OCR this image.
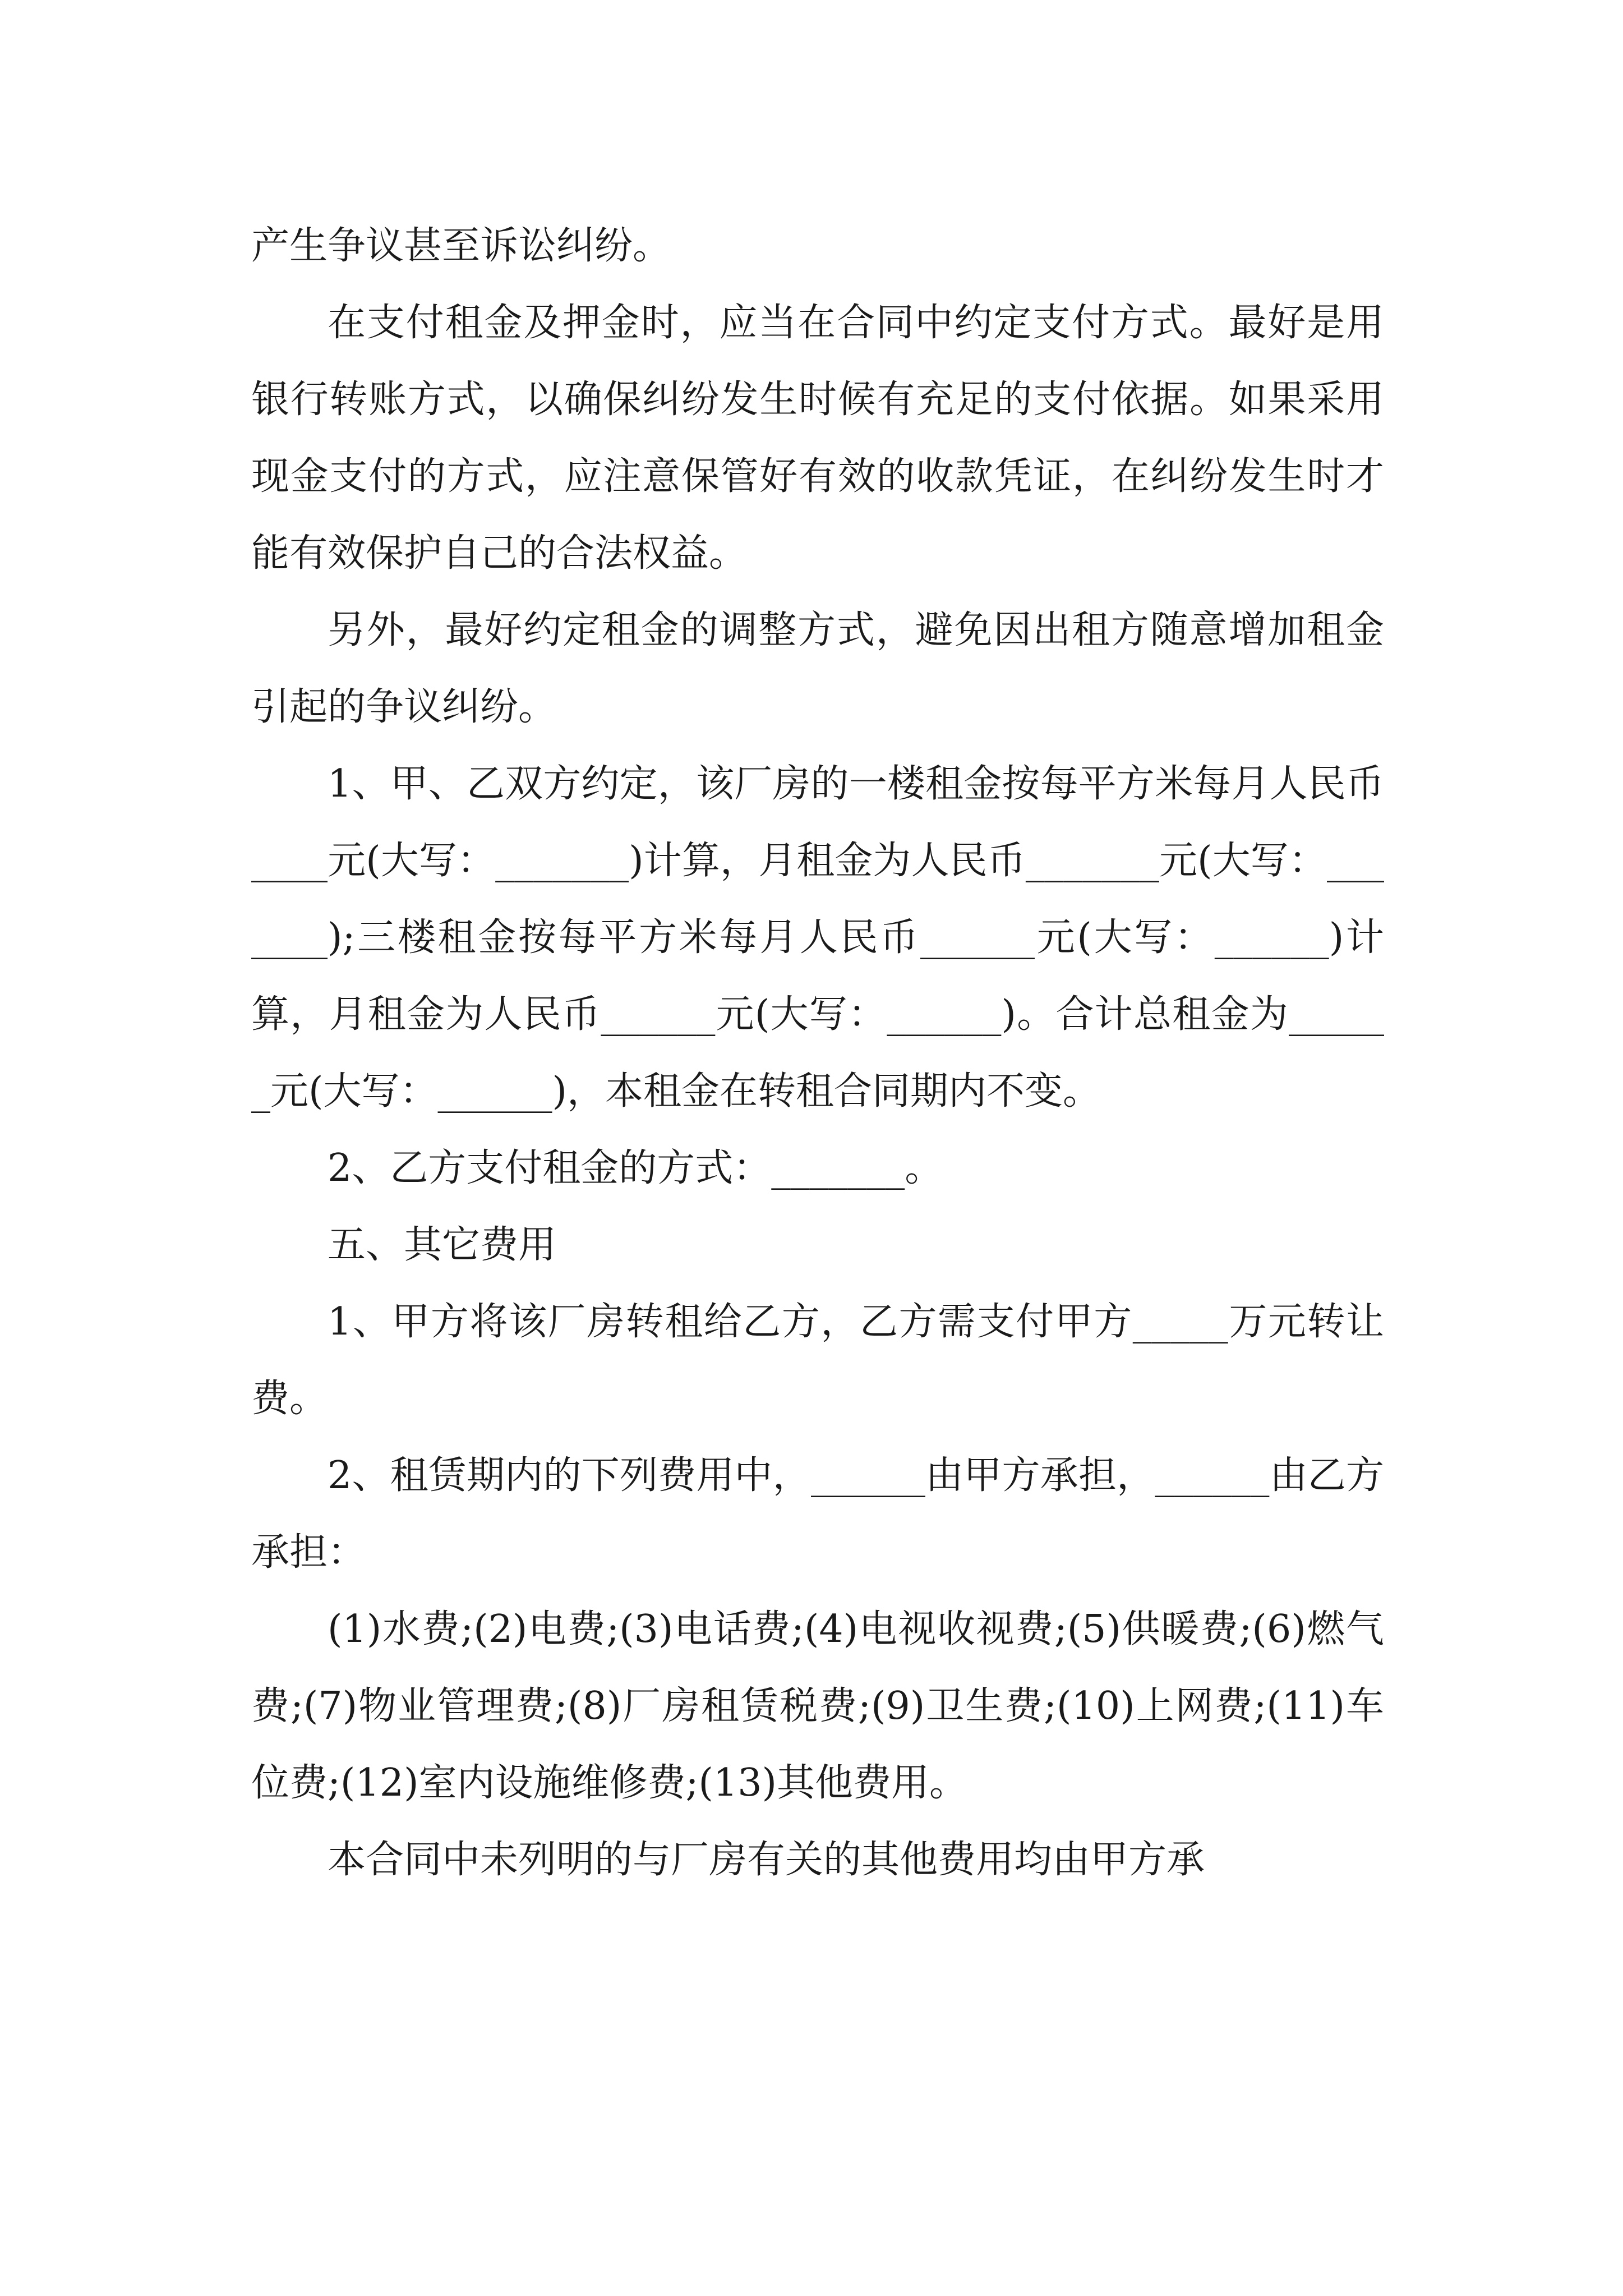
产生争议甚至诉讼纠纷。

在支付租金及押金时，应当在合同中约定支付方式。最好是用银行转账方式，以确保纠纷发生时候有充足的支付依据。如果采用现金支付的方式，应注意保管好有效的收款凭证，在纠纷发生时才能有效保护自己的合法权益。

另外，最好约定租金的调整方式，避免因出租方随意增加租金引起的争议纠纷。

1、甲、乙双方约定，该厂房的一楼租金按每平方米每月人民币____元(大写：_______)计算，月租金为人民币_______元(大写：_______);三楼租金按每平方米每月人民币______元(大写：______)计算，月租金为人民币______元(大写：______)。合计总租金为______元(大写：______)，本租金在转租合同期内不变。

2、乙方支付租金的方式：_______。

五、其它费用

1、甲方将该厂房转租给乙方，乙方需支付甲方_____万元转让费。

2、租赁期内的下列费用中，______由甲方承担，______由乙方承担：

(1)水费;(2)电费;(3)电话费;(4)电视收视费;(5)供暖费;(6)燃气费;(7)物业管理费;(8)厂房租赁税费;(9)卫生费;(10)上网费;(11)车位费;(12)室内设施维修费;(13)其他费用。

本合同中未列明的与厂房有关的其他费用均由甲方承
